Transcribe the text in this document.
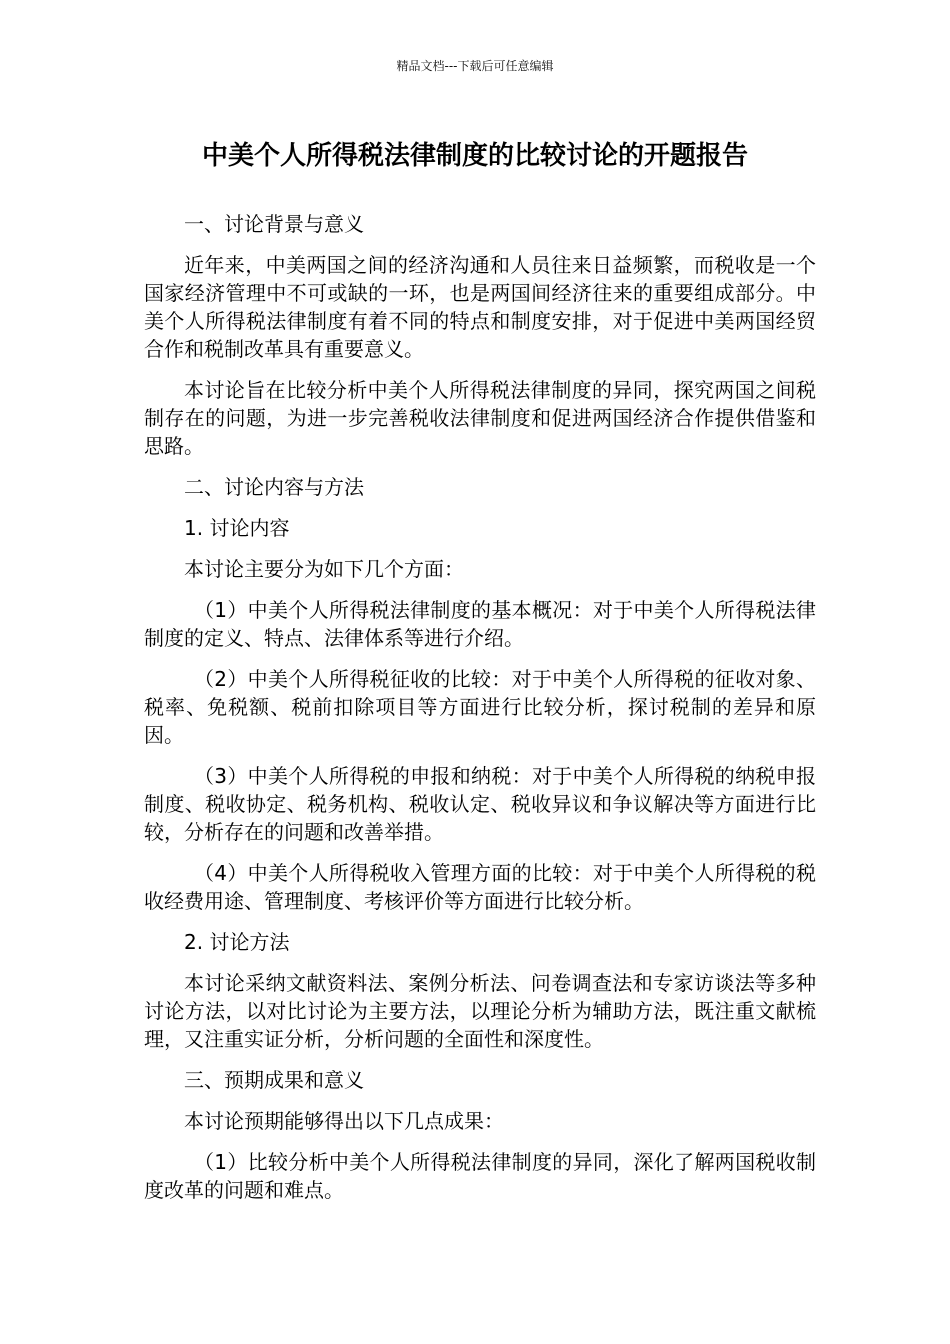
精品文档---下载后可任意编辑
中美个人所得税法律制度的比较讨论的开题报告

一、讨论背景与意义

近年来，中美两国之间的经济沟通和人员往来日益频繁，而税收是一个国家经济管理中不可或缺的一环，也是两国间经济往来的重要组成部分。中美个人所得税法律制度有着不同的特点和制度安排，对于促进中美两国经贸合作和税制改革具有重要意义。

本讨论旨在比较分析中美个人所得税法律制度的异同，探究两国之间税制存在的问题，为进一步完善税收法律制度和促进两国经济合作提供借鉴和思路。

二、讨论内容与方法

1. 讨论内容

本讨论主要分为如下几个方面：

（1）中美个人所得税法律制度的基本概况：对于中美个人所得税法律制度的定义、特点、法律体系等进行介绍。

（2）中美个人所得税征收的比较：对于中美个人所得税的征收对象、税率、免税额、税前扣除项目等方面进行比较分析，探讨税制的差异和原因。

（3）中美个人所得税的申报和纳税：对于中美个人所得税的纳税申报制度、税收协定、税务机构、税收认定、税收异议和争议解决等方面进行比较，分析存在的问题和改善举措。

（4）中美个人所得税收入管理方面的比较：对于中美个人所得税的税收经费用途、管理制度、考核评价等方面进行比较分析。

2. 讨论方法

本讨论采纳文献资料法、案例分析法、问卷调查法和专家访谈法等多种讨论方法，以对比讨论为主要方法，以理论分析为辅助方法，既注重文献梳理，又注重实证分析，分析问题的全面性和深度性。

三、预期成果和意义

本讨论预期能够得出以下几点成果：

（1）比较分析中美个人所得税法律制度的异同，深化了解两国税收制度改革的问题和难点。
